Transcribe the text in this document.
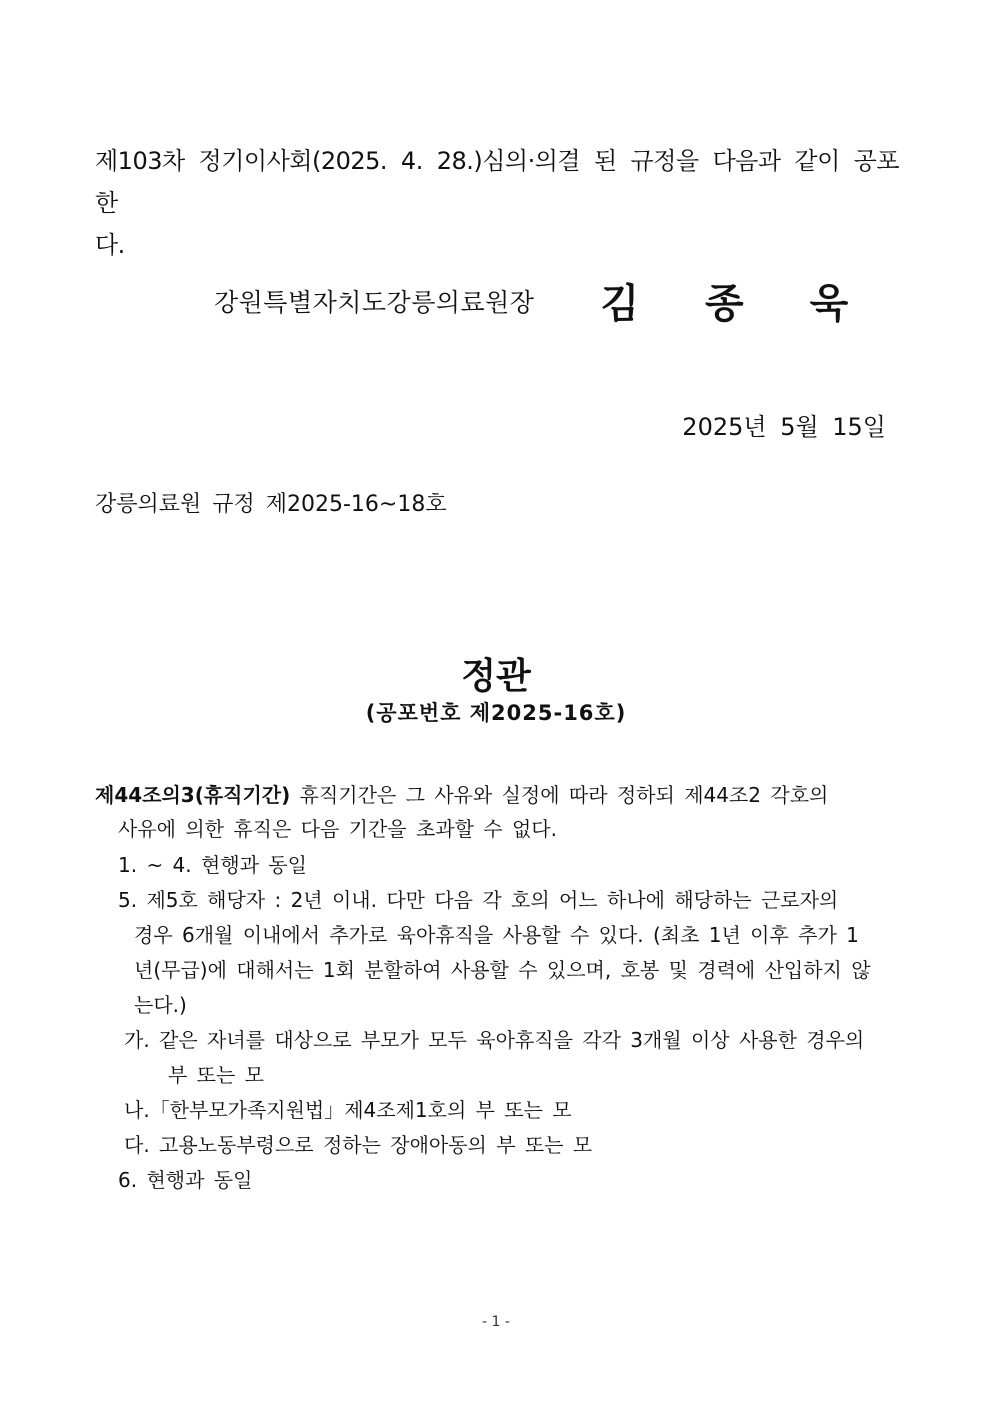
제103차 정기이사회(2025. 4. 28.)심의·의결 된 규정을 다음과 같이 공포한
다.
강원특별자치도강릉의료원장 김 종 욱
2025년 5월 15일
강릉의료원 규정 제2025-16~18호
정관
(공포번호 제2025-16호)
제44조의3(휴직기간) 휴직기간은 그 사유와 실정에 따라 정하되 제44조2 각호의
사유에 의한 휴직은 다음 기간을 초과할 수 없다.
1. ~ 4. 현행과 동일
5. 제5호 해당자 : 2년 이내. 다만 다음 각 호의 어느 하나에 해당하는 근로자의
경우 6개월 이내에서 추가로 육아휴직을 사용할 수 있다. (최초 1년 이후 추가 1
년(무급)에 대해서는 1회 분할하여 사용할 수 있으며, 호봉 및 경력에 산입하지 않
는다.)
가. 같은 자녀를 대상으로 부모가 모두 육아휴직을 각각 3개월 이상 사용한 경우의
부 또는 모
나.「한부모가족지원법」제4조제1호의 부 또는 모
다. 고용노동부령으로 정하는 장애아동의 부 또는 모
6. 현행과 동일
- 1 -
